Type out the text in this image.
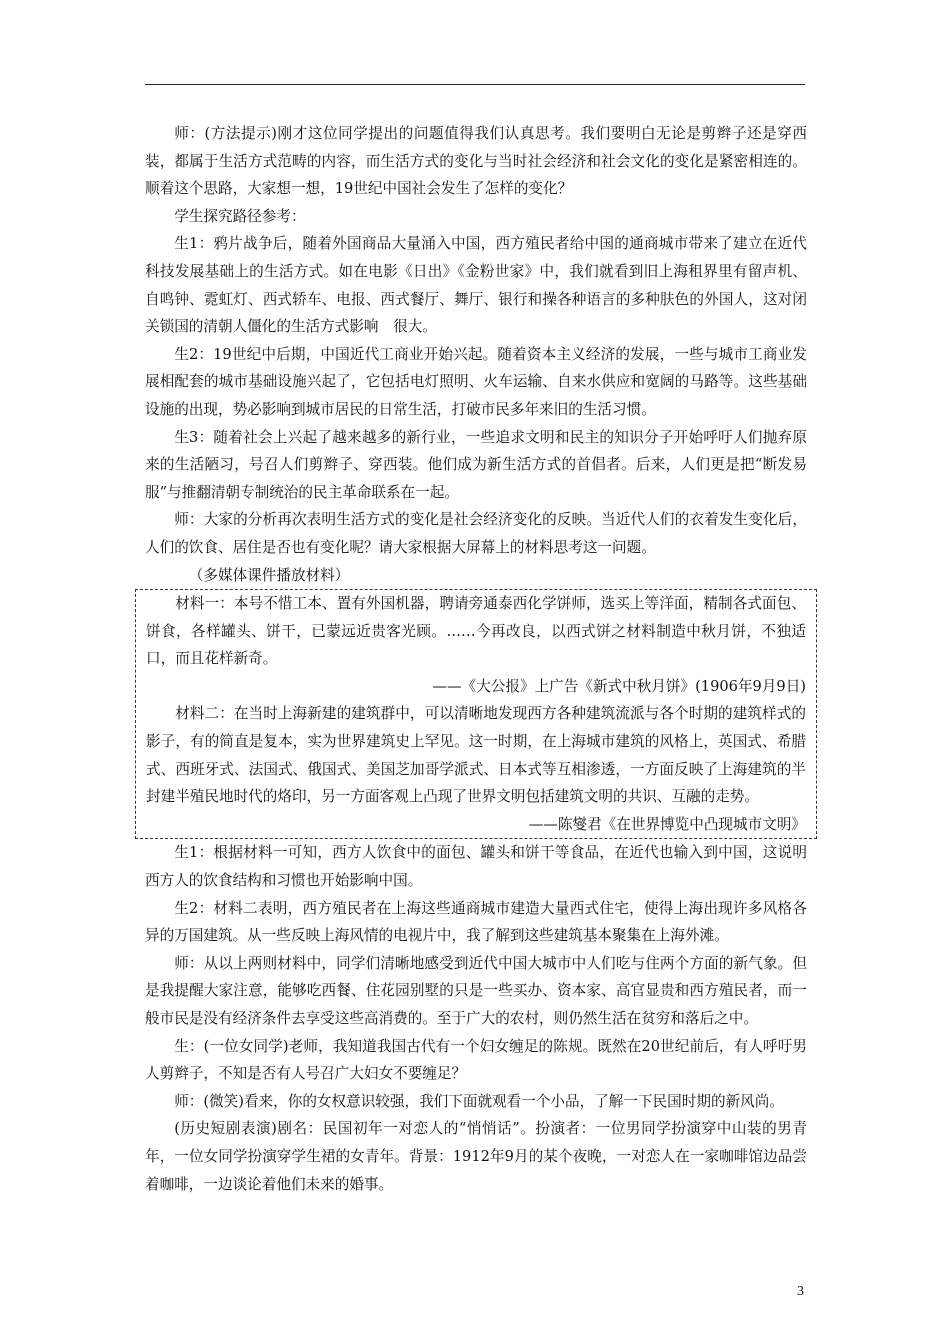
师：(方法提示)刚才这位同学提出的问题值得我们认真思考。我们要明白无论是剪辫子还是穿西装，都属于生活方式范畴的内容，而生活方式的变化与当时社会经济和社会文化的变化是紧密相连的。顺着这个思路，大家想一想，19世纪中国社会发生了怎样的变化？

学生探究路径参考：

生1：鸦片战争后，随着外国商品大量涌入中国，西方殖民者给中国的通商城市带来了建立在近代科技发展基础上的生活方式。如在电影《日出》《金粉世家》中，我们就看到旧上海租界里有留声机、自鸣钟、霓虹灯、西式轿车、电报、西式餐厅、舞厅、银行和操各种语言的多种肤色的外国人，这对闭关锁国的清朝人僵化的生活方式影响　很大。

生2：19世纪中后期，中国近代工商业开始兴起。随着资本主义经济的发展，一些与城市工商业发展相配套的城市基础设施兴起了，它包括电灯照明、火车运输、自来水供应和宽阔的马路等。这些基础设施的出现，势必影响到城市居民的日常生活，打破市民多年来旧的生活习惯。

生3：随着社会上兴起了越来越多的新行业，一些追求文明和民主的知识分子开始呼吁人们抛弃原来的生活陋习，号召人们剪辫子、穿西装。他们成为新生活方式的首倡者。后来，人们更是把“断发易服”与推翻清朝专制统治的民主革命联系在一起。

师：大家的分析再次表明生活方式的变化是社会经济变化的反映。当近代人们的衣着发生变化后，人们的饮食、居住是否也有变化呢？请大家根据大屏幕上的材料思考这一问题。

（多媒体课件播放材料）

材料一：本号不惜工本、置有外国机器，聘请旁通泰西化学饼师，选买上等洋面，精制各式面包、饼食，各样罐头、饼干，已蒙远近贵客光顾。……今再改良，以西式饼之材料制造中秋月饼，不独适口，而且花样新奇。

——《大公报》上广告《新式中秋月饼》(1906年9月9日)

材料二：在当时上海新建的建筑群中，可以清晰地发现西方各种建筑流派与各个时期的建筑样式的影子，有的简直是复本，实为世界建筑史上罕见。这一时期，在上海城市建筑的风格上，英国式、希腊式、西班牙式、法国式、俄国式、美国芝加哥学派式、日本式等互相渗透，一方面反映了上海建筑的半封建半殖民地时代的烙印，另一方面客观上凸现了世界文明包括建筑文明的共识、互融的走势。

——陈燮君《在世界博览中凸现城市文明》

生1：根据材料一可知，西方人饮食中的面包、罐头和饼干等食品，在近代也输入到中国，这说明西方人的饮食结构和习惯也开始影响中国。

生2：材料二表明，西方殖民者在上海这些通商城市建造大量西式住宅，使得上海出现许多风格各异的万国建筑。从一些反映上海风情的电视片中，我了解到这些建筑基本聚集在上海外滩。

师：从以上两则材料中，同学们清晰地感受到近代中国大城市中人们吃与住两个方面的新气象。但是我提醒大家注意，能够吃西餐、住花园别墅的只是一些买办、资本家、高官显贵和西方殖民者，而一般市民是没有经济条件去享受这些高消费的。至于广大的农村，则仍然生活在贫穷和落后之中。

生：(一位女同学)老师，我知道我国古代有一个妇女缠足的陈规。既然在20世纪前后，有人呼吁男人剪辫子，不知是否有人号召广大妇女不要缠足？

师：(微笑)看来，你的女权意识较强，我们下面就观看一个小品，了解一下民国时期的新风尚。

(历史短剧表演)剧名：民国初年一对恋人的“悄悄话”。扮演者：一位男同学扮演穿中山装的男青年，一位女同学扮演穿学生裙的女青年。背景：1912年9月的某个夜晚，一对恋人在一家咖啡馆边品尝着咖啡，一边谈论着他们未来的婚事。

3
